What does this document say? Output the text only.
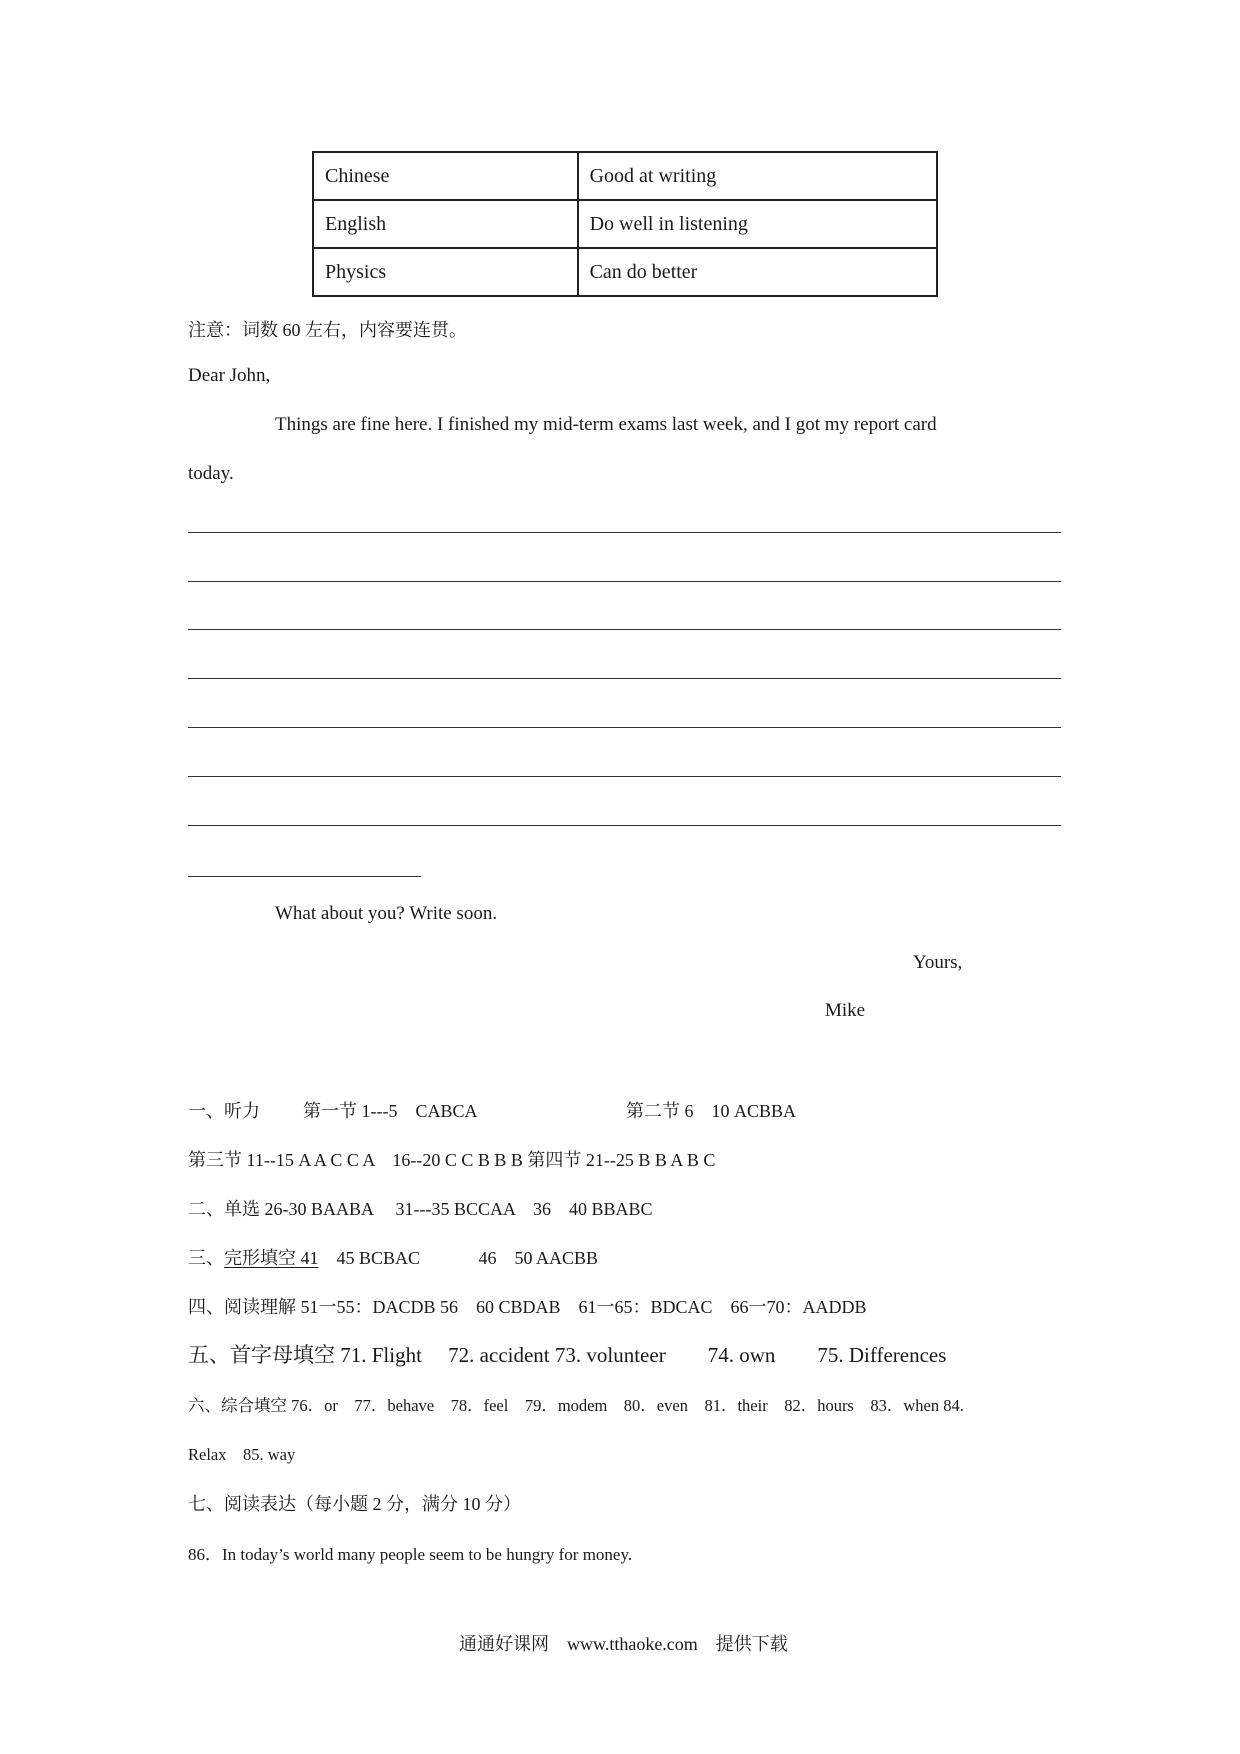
Chinese	Good at writing
English	Do well in listening
Physics	Can do better
注意：词数 60 左右，内容要连贯。
Dear John,
Things are fine here. I finished my mid-term exams last week, and I got my report card
today.
What about you? Write soon.
Yours,
Mike
一、听力 第一节 1---5　CABCA	第二节 6　10 ACBBA
第三节 11--15 A A C C A　16--20 C C B B B 第四节 21--25 B B A B C
二、单选 26-30 BAABA　 31---35 BCCAA　36　40 BBABC
三、完形填空 41　45 BCBAC　　　 46　50 AACBB
四、阅读理解 51一55：DACDB 56　60 CBDAB　61一65：BDCAC　66一70：AADDB
五、首字母填空 71. Flight　 72. accident 73. volunteer　　74. own　　75. Differences
六、综合填空 76．or　77．behave　78．feel　79．modem　80．even　81．their　82．hours　83．when 84.
Relax　85. way
七、阅读表达（每小题 2 分，满分 10 分）
86．In today’s world many people seem to be hungry for money.
通通好课网　www.tthaoke.com　提供下载
